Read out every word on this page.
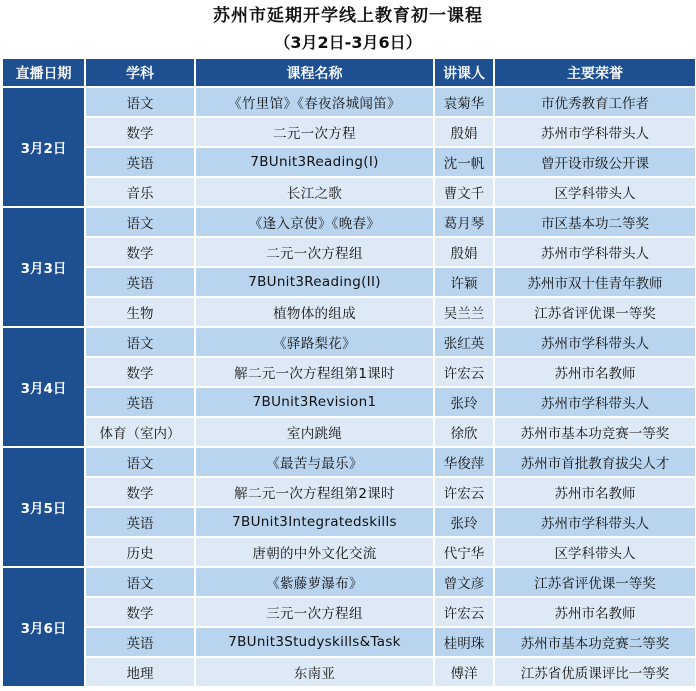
苏州市延期开学线上教育初一课程
（3月2日-3月6日）
直播日期	学科	课程名称	讲课人	主要荣誉
3月2日	语文	《竹里馆》《春夜洛城闻笛》	袁菊华	市优秀教育工作者
	数学	二元一次方程	殷娟	苏州市学科带头人
	英语	7BUnit3Reading(I)	沈一帆	曾开设市级公开课
	音乐	长江之歌	曹文千	区学科带头人
3月3日	语文	《逢入京使》《晚春》	葛月琴	市区基本功二等奖
	数学	二元一次方程组	殷娟	苏州市学科带头人
	英语	7BUnit3Reading(II)	许颖	苏州市双十佳青年教师
	生物	植物体的组成	吴兰兰	江苏省评优课一等奖
3月4日	语文	《驿路梨花》	张红英	苏州市学科带头人
	数学	解二元一次方程组第1课时	许宏云	苏州市名教师
	英语	7BUnit3Revision1	张玲	苏州市学科带头人
	体育（室内）	室内跳绳	徐欣	苏州市基本功竞赛一等奖
3月5日	语文	《最苦与最乐》	华俊萍	苏州市首批教育拔尖人才
	数学	解二元一次方程组第2课时	许宏云	苏州市名教师
	英语	7BUnit3Integratedskills	张玲	苏州市学科带头人
	历史	唐朝的中外文化交流	代宁华	区学科带头人
3月6日	语文	《紫藤萝瀑布》	曾文彦	江苏省评优课一等奖
	数学	三元一次方程组	许宏云	苏州市名教师
	英语	7BUnit3Studyskills&Task	桂明珠	苏州市基本功竞赛二等奖
	地理	东南亚	傅洋	江苏省优质课评比一等奖
